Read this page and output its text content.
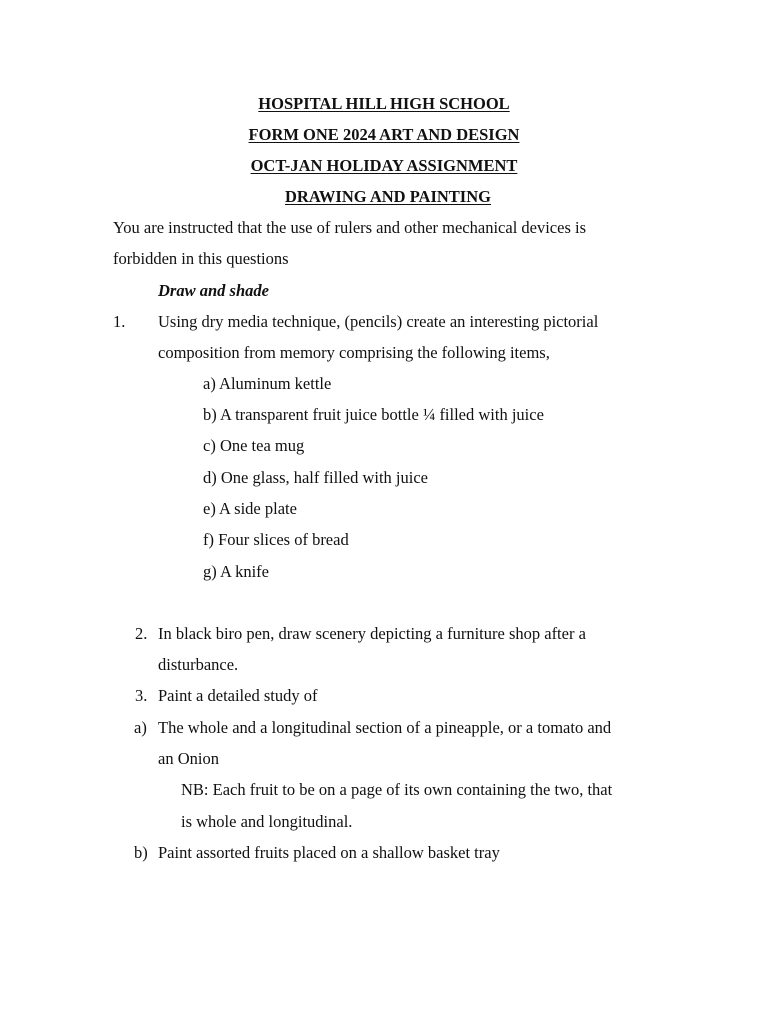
HOSPITAL HILL HIGH SCHOOL
FORM ONE 2024 ART AND DESIGN
OCT-JAN HOLIDAY ASSIGNMENT
DRAWING AND PAINTING
You are instructed that the use of rulers and other mechanical devices is
forbidden in this questions
Draw and shade
1. Using dry media technique, (pencils) create an interesting pictorial
composition from memory comprising the following items,
a) Aluminum kettle
b) A transparent fruit juice bottle ¼ filled with juice
c) One tea mug
d) One glass, half filled with juice
e) A side plate
f) Four slices of bread
g) A knife
2. In black biro pen, draw scenery depicting a furniture shop after a
disturbance.
3. Paint a detailed study of
a) The whole and a longitudinal section of a pineapple, or a tomato and
an Onion
NB: Each fruit to be on a page of its own containing the two, that
is whole and longitudinal.
b) Paint assorted fruits placed on a shallow basket tray
